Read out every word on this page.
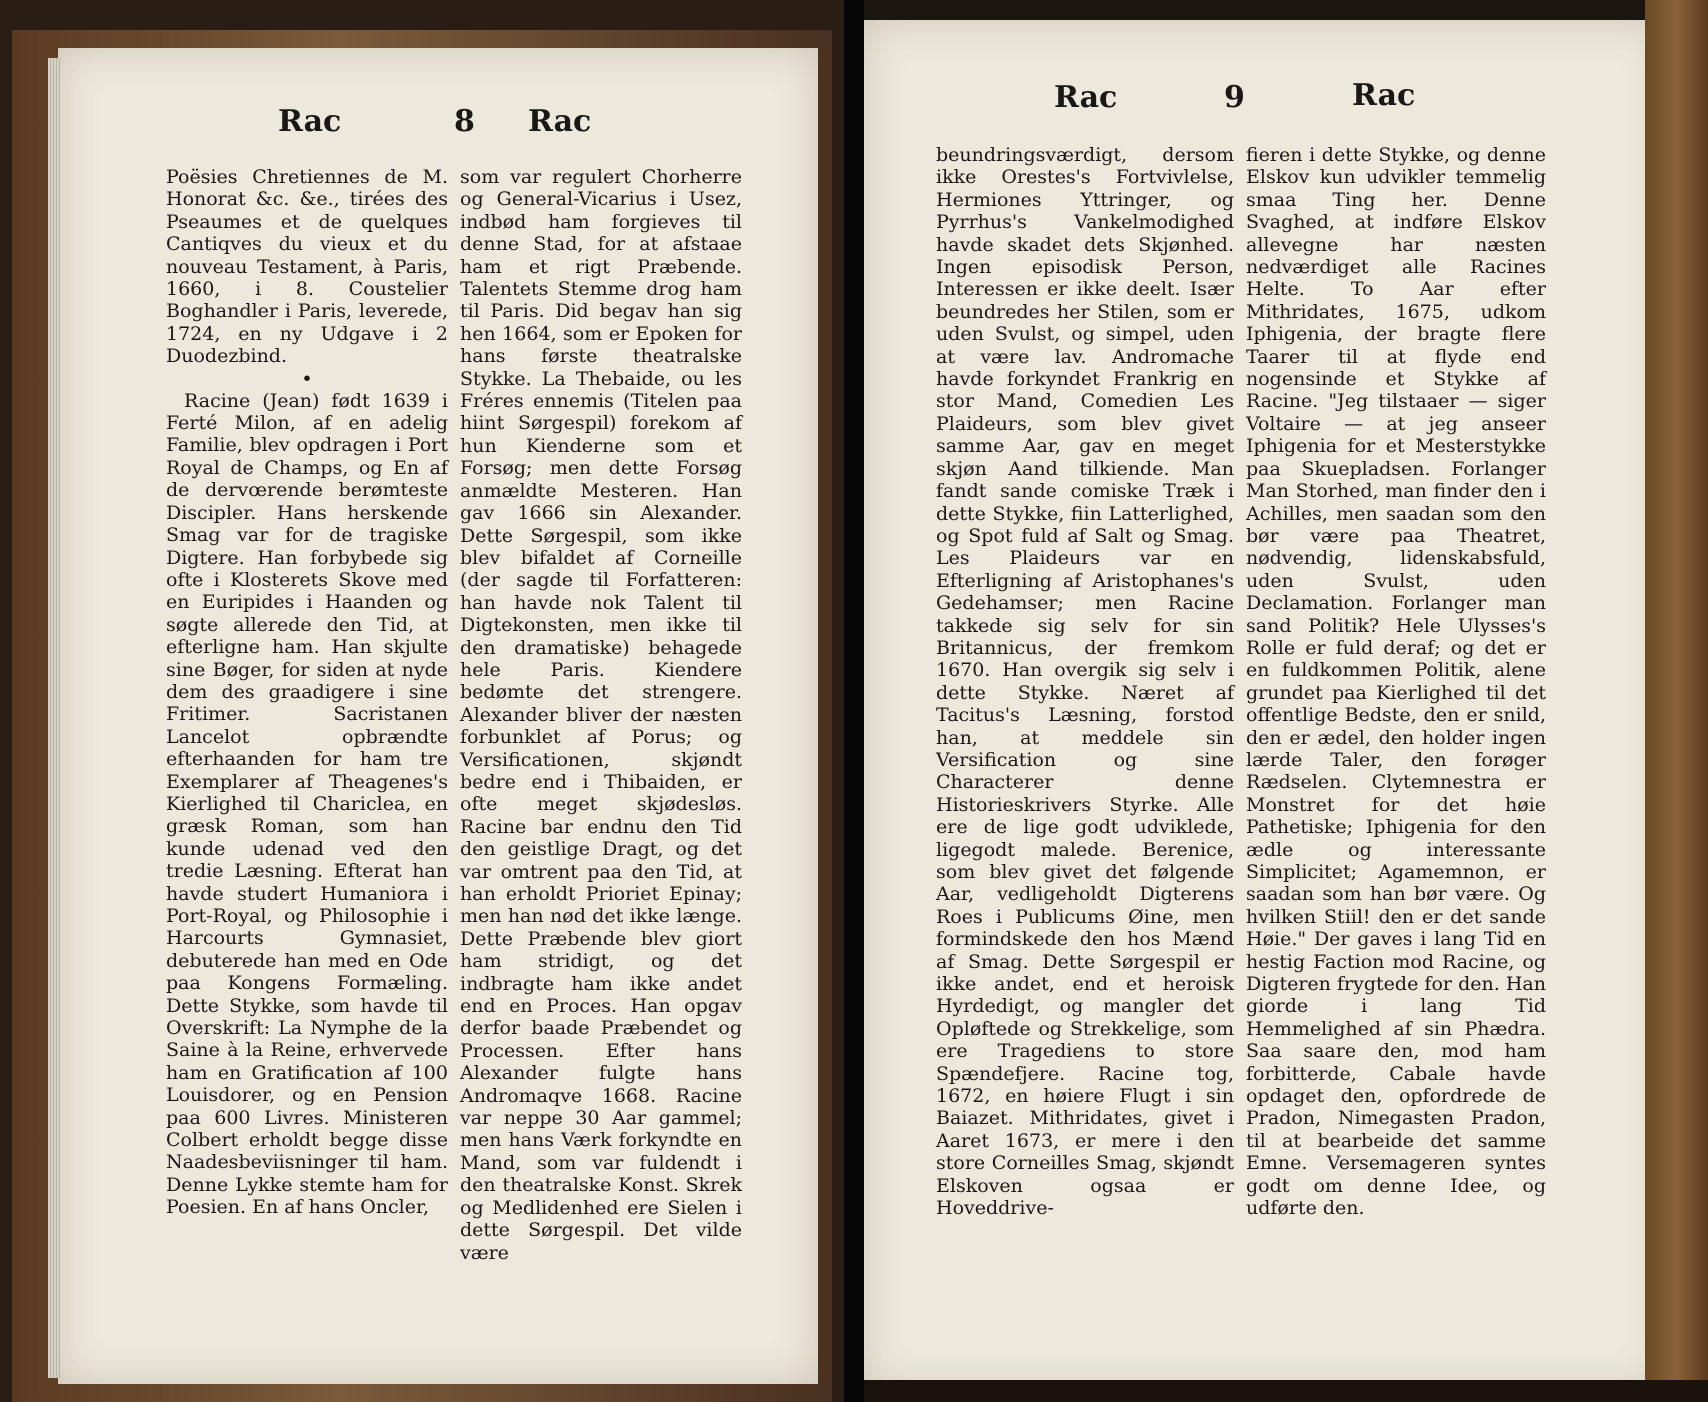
Rac	8 Rac

Poësies Chretiennes de M. Honorat &c. &e., tirées des Pseaumes et de quelques Cantiqves du vieux et du nouveau Testament, à Paris, 1660, i 8. Coustelier Boghandler i Paris, leverede, 1724, en ny Udgave i 2 Duodezbind.

•

Racine (Jean) født 1639 i Ferté Milon, af en adelig Familie, blev opdragen i Port Royal de Champs, og En af de dervœrende berømteste Discipler. Hans herskende Smag var for de tragiske Digtere. Han forbybede sig ofte i Klosterets Skove med en Euripides i Haanden og søgte allerede den Tid, at efterligne ham. Han skjulte sine Bøger, for siden at nyde dem des graadigere i sine Fritimer. Sacristanen Lancelot opbrændte efterhaanden for ham tre Exemplarer af Theagenes's Kierlighed til Chariclea, en græsk Roman, som han kunde udenad ved den tredie Læsning. Efterat han havde studert Humaniora i Port-Royal, og Philosophie i Harcourts Gymnasiet, debuterede han med en Ode paa Kongens Formæling. Dette Stykke, som havde til Overskrift: La Nymphe de la Saine à la Reine, erhvervede ham en Gratification af 100 Louisdorer, og en Pension paa 600 Livres. Ministeren Colbert erholdt begge disse Naadesbeviisninger til ham. Denne Lykke stemte ham for Poesien. En af hans Oncler,

som var regulert Chorherre og General-Vicarius i Usez, indbød ham forgieves til denne Stad, for at afstaae ham et rigt Præbende. Talentets Stemme drog ham til Paris. Did begav han sig hen 1664, som er Epoken for hans første theatralske Stykke. La Thebaide, ou les Fréres ennemis (Titelen paa hiint Sørgespil) forekom af hun Kienderne som et Forsøg; men dette Forsøg anmældte Mesteren. Han gav 1666 sin Alexander. Dette Sørgespil, som ikke blev bifaldet af Corneille (der sagde til Forfatteren: han havde nok Talent til Digtekonsten, men ikke til den dramatiske) behagede hele Paris. Kiendere bedømte det strengere. Alexander bliver der næsten forbunklet af Porus; og Versificationen, skjøndt bedre end i Thibaiden, er ofte meget skjødesløs. Racine bar endnu den Tid den geistlige Dragt, og det var omtrent paa den Tid, at han erholdt Prioriet Epinay; men han nød det ikke længe. Dette Præbende blev giort ham stridigt, og det indbragte ham ikke andet end en Proces. Han opgav derfor baade Præbendet og Processen. Efter hans Alexander fulgte hans Andromaqve 1668. Racine var neppe 30 Aar gammel; men hans Værk forkyndte en Mand, som var fuldendt i den theatralske Konst. Skrek og Medlidenhed ere Sielen i dette Sørgespil. Det vilde være

Rac	9	Rac

beundringsværdigt, dersom ikke Orestes's Fortvivlelse, Hermiones Yttringer, og Pyrrhus's Vankelmodighed havde skadet dets Skjønhed. Ingen episodisk Person, Interessen er ikke deelt. Især beundredes her Stilen, som er uden Svulst, og simpel, uden at være lav. Andromache havde forkyndet Frankrig en stor Mand, Comedien Les Plaideurs, som blev givet samme Aar, gav en meget skjøn Aand tilkiende. Man fandt sande comiske Træk i dette Stykke, fiin Latterlighed, og Spot fuld af Salt og Smag. Les Plaideurs var en Efterligning af Aristophanes's Gedehamser; men Racine takkede sig selv for sin Britannicus, der fremkom 1670. Han overgik sig selv i dette Stykke. Næret af Tacitus's Læsning, forstod han, at meddele sin Versification og sine Characterer denne Historieskrivers Styrke. Alle ere de lige godt udviklede, ligegodt malede. Berenice, som blev givet det følgende Aar, vedligeholdt Digterens Roes i Publicums Øine, men formindskede den hos Mænd af Smag. Dette Sørgespil er ikke andet, end et heroisk Hyrdedigt, og mangler det Opløftede og Strekkelige, som ere Tragediens to store Spændefjere. Racine tog, 1672, en høiere Flugt i sin Baiazet. Mithridates, givet i Aaret 1673, er mere i den store Corneilles Smag, skjøndt Elskoven ogsaa er Hoveddrive-

fieren i dette Stykke, og denne Elskov kun udvikler temmelig smaa Ting her. Denne Svaghed, at indføre Elskov allevegne har næsten nedværdiget alle Racines Helte. To Aar efter Mithridates, 1675, udkom Iphigenia, der bragte flere Taarer til at flyde end nogensinde et Stykke af Racine. "Jeg tilstaaer — siger Voltaire — at jeg anseer Iphigenia for et Mesterstykke paa Skuepladsen. Forlanger Man Storhed, man finder den i Achilles, men saadan som den bør være paa Theatret, nødvendig, lidenskabsfuld, uden Svulst, uden Declamation. Forlanger man sand Politik? Hele Ulysses's Rolle er fuld deraf; og det er en fuldkommen Politik, alene grundet paa Kierlighed til det offentlige Bedste, den er snild, den er ædel, den holder ingen lærde Taler, den forøger Rædselen. Clytemnestra er Monstret for det høie Pathetiske; Iphigenia for den ædle og interessante Simplicitet; Agamemnon, er saadan som han bør være. Og hvilken Stiil! den er det sande Høie." Der gaves i lang Tid en hestig Faction mod Racine, og Digteren frygtede for den. Han giorde i lang Tid Hemmelighed af sin Phædra. Saa saare den, mod ham forbitterde, Cabale havde opdaget den, opfordrede de Pradon, Nimegasten Pradon, til at bearbeide det samme Emne. Versemageren syntes godt om denne Idee, og udførte den.
